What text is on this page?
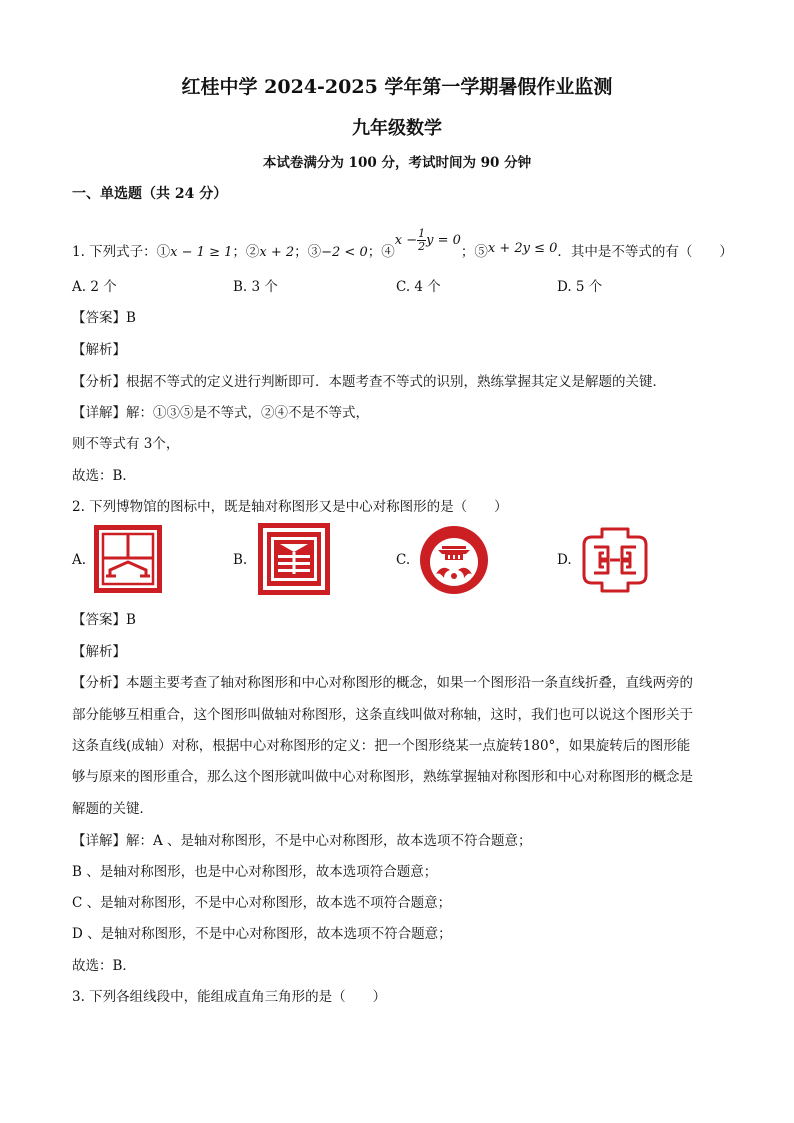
红桂中学 2024-2025 学年第一学期暑假作业监测
九年级数学
本试卷满分为 100 分，考试时间为 90 分钟
一、单选题（共 24 分）
1. 下列式子：①x − 1 ≥ 1；②x + 2；③−2 < 0；④x − $\frac{1}{2}$ y = 0；⑤x + 2y ≤ 0．其中是不等式的有（　　）
A. 2 个	B. 3 个	C. 4 个	D. 5 个
【答案】B
【解析】
【分析】根据不等式的定义进行判断即可．本题考查不等式的识别，熟练掌握其定义是解题的关键．
【详解】解：①③⑤是不等式，②④不是不等式，
则不等式有 3个，
故选：B．
2. 下列博物馆的图标中，既是轴对称图形又是中心对称图形的是（　　）
A.	B.	C.	D.
【答案】B
【解析】
【分析】本题主要考查了轴对称图形和中心对称图形的概念，如果一个图形沿一条直线折叠，直线两旁的
部分能够互相重合，这个图形叫做轴对称图形，这条直线叫做对称轴，这时，我们也可以说这个图形关于
这条直线(成轴）对称，根据中心对称图形的定义：把一个图形绕某一点旋转180°，如果旋转后的图形能
够与原来的图形重合，那么这个图形就叫做中心对称图形，熟练掌握轴对称图形和中心对称图形的概念是
解题的关键．
【详解】解：A 、是轴对称图形，不是中心对称图形，故本选项不符合题意；
B 、是轴对称图形，也是中心对称图形，故本选项符合题意；
C 、是轴对称图形，不是中心对称图形，故本选不项符合题意；
D 、是轴对称图形，不是中心对称图形，故本选项不符合题意；
故选：B．
3. 下列各组线段中，能组成直角三角形的是（　　）
